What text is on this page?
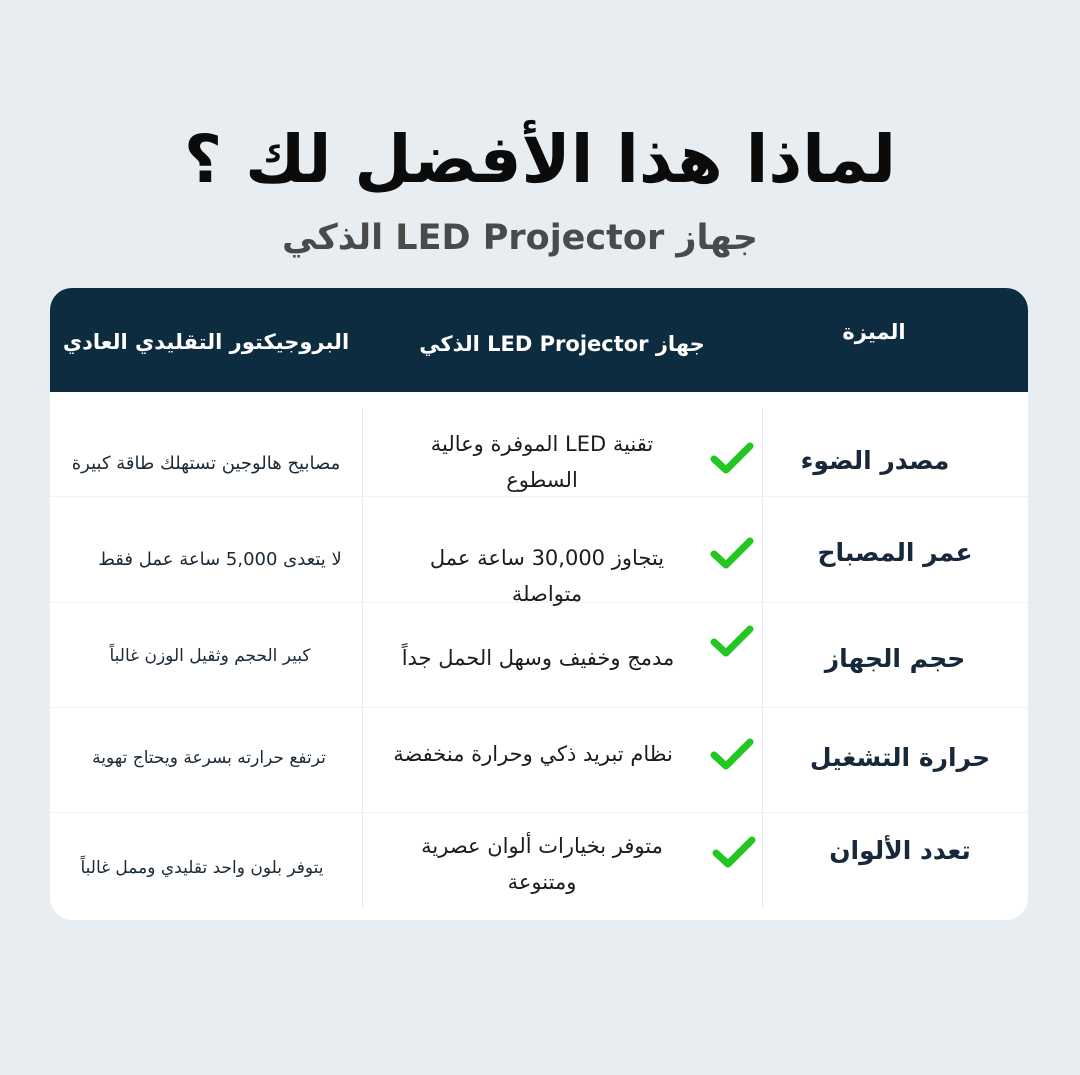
لماذا هذا الأفضل لك ؟
جهاز LED Projector الذكي
الميزة
جهاز LED Projector الذكي
البروجيكتور التقليدي العادي
مصدر الضوء
تقنية LED الموفرة وعالية السطوع
مصابيح هالوجين تستهلك طاقة كبيرة
عمر المصباح
يتجاوز 30,000 ساعة عمل متواصلة
لا يتعدى 5,000 ساعة عمل فقط
حجم الجهاز
مدمج وخفيف وسهل الحمل جداً
كبير الحجم وثقيل الوزن غالباً
حرارة التشغيل
نظام تبريد ذكي وحرارة منخفضة
ترتفع حرارته بسرعة ويحتاج تهوية
تعدد الألوان
متوفر بخيارات ألوان عصرية ومتنوعة
يتوفر بلون واحد تقليدي وممل غالباً
